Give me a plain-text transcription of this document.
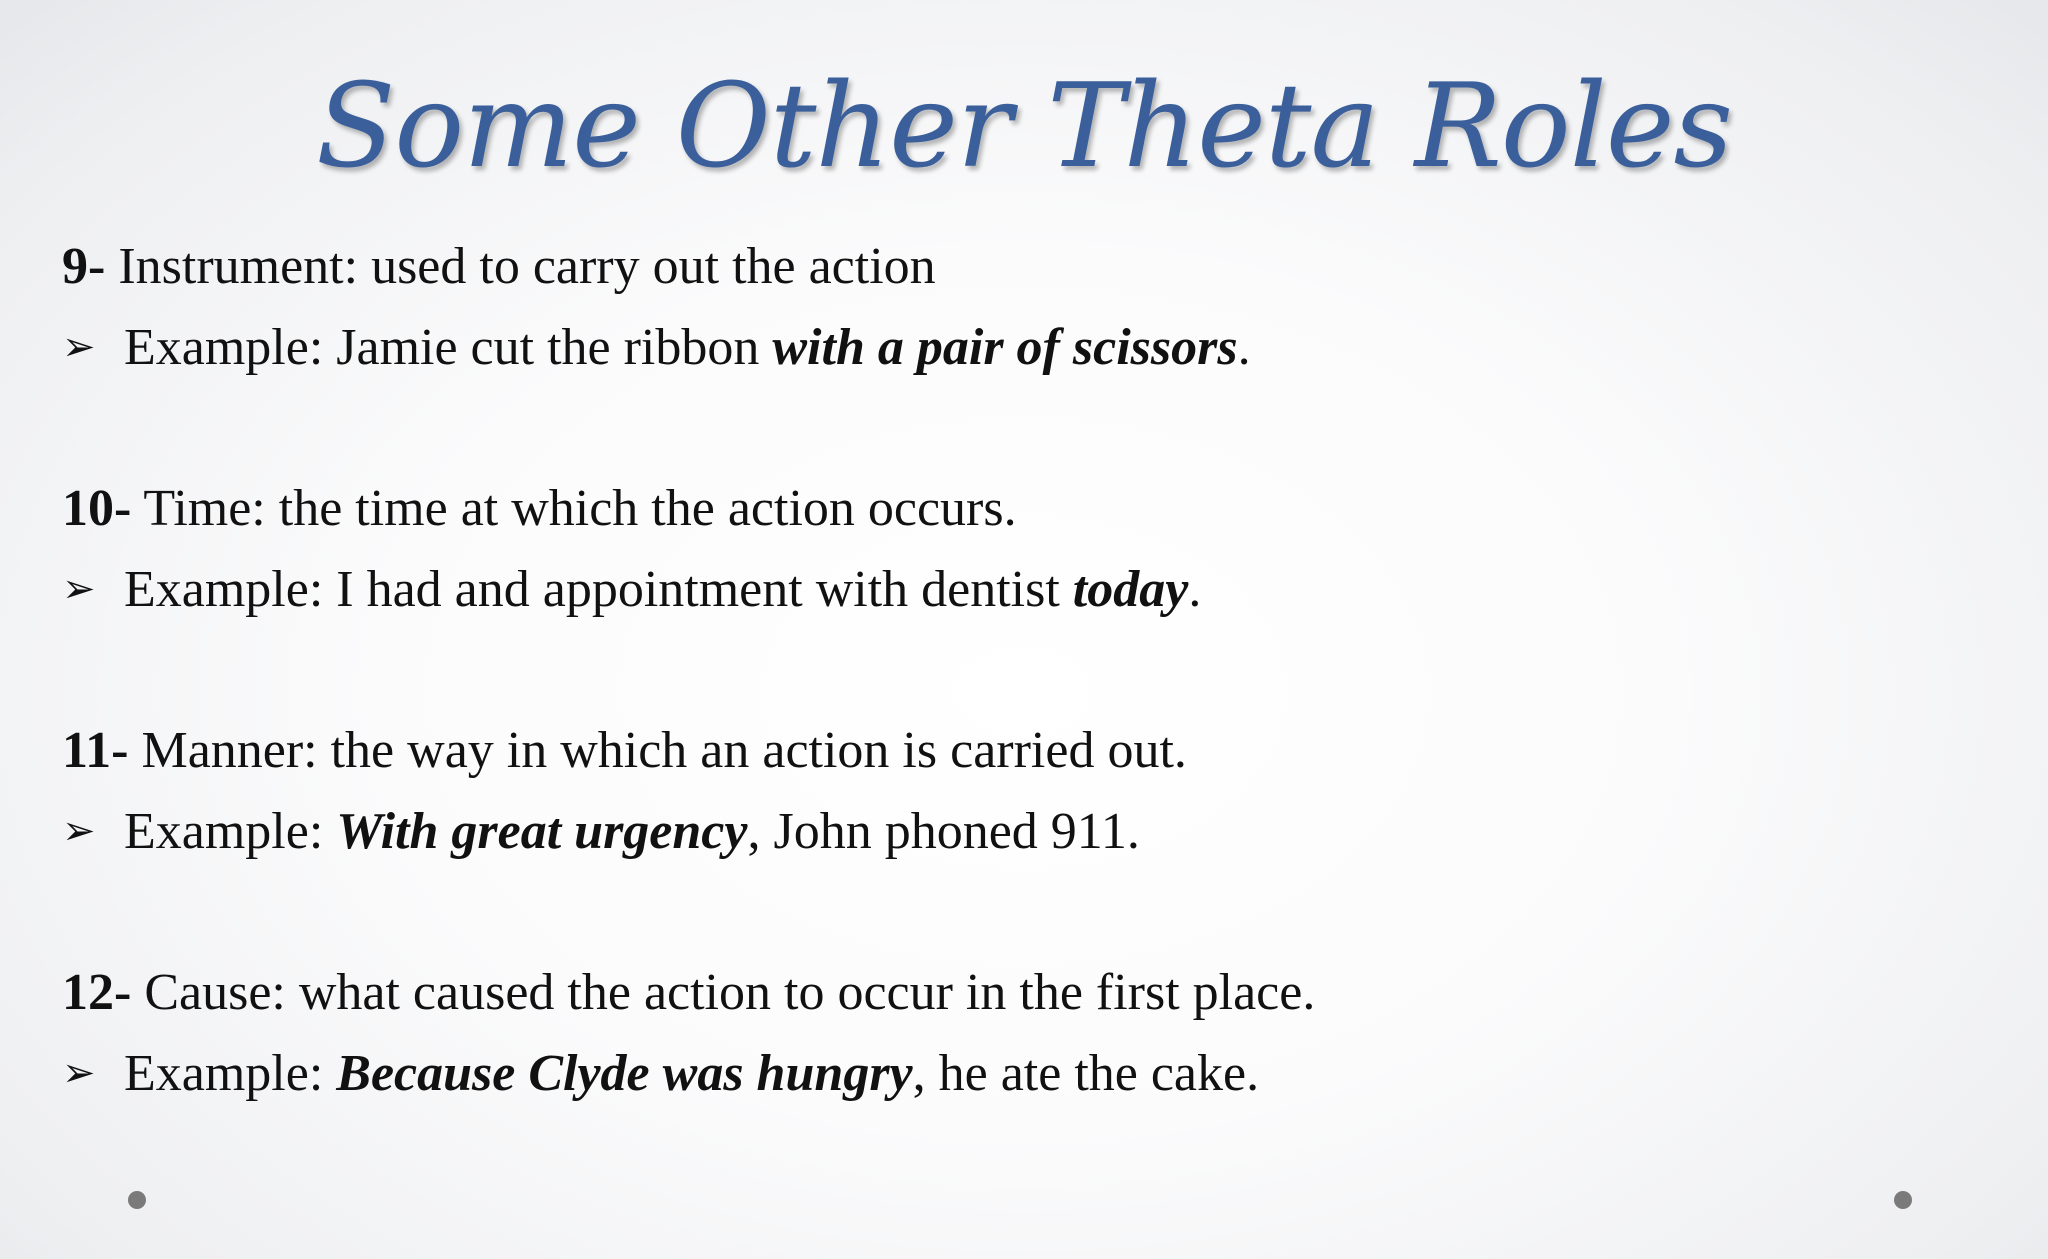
Some Other Theta Roles
9- Instrument: used to carry out the action
➢ Example: Jamie cut the ribbon with a pair of scissors.
10- Time: the time at which the action occurs.
➢ Example: I had and appointment with dentist today.
11- Manner: the way in which an action is carried out.
➢ Example: With great urgency, John phoned 911.
12- Cause: what caused the action to occur in the first place.
➢ Example: Because Clyde was hungry, he ate the cake.
